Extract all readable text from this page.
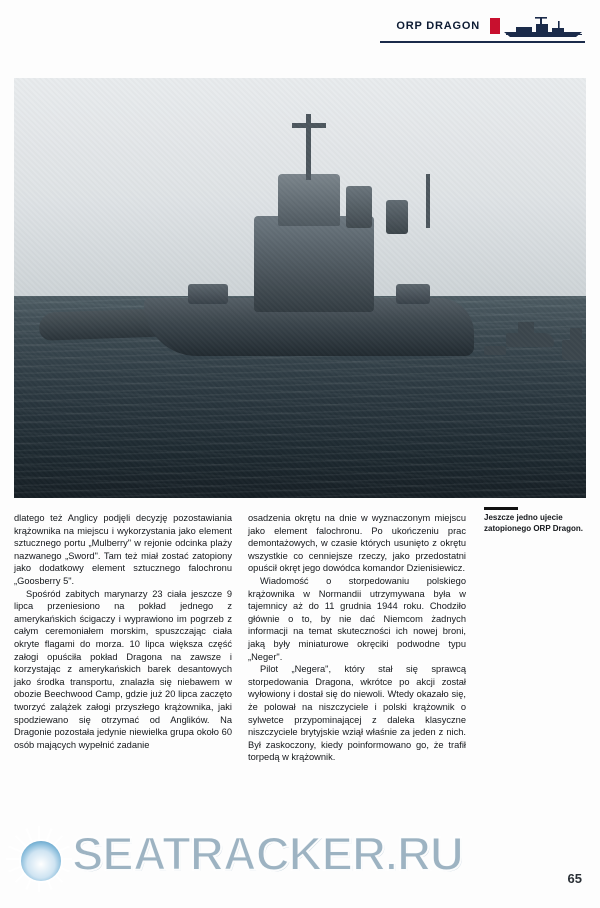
ORP DRAGON

dlatego też Anglicy podjęli decyzję pozostawiania krążownika na miejscu i wykorzystania jako element sztucznego portu „Mulberry" w rejonie odcinka plaży nazwanego „Sword". Tam też miał zostać zatopiony jako dodatkowy element sztucznego falochronu „Goosberry 5".

Spośród zabitych marynarzy 23 ciała jeszcze 9 lipca przeniesiono na pokład jednego z amerykańskich ścigaczy i wyprawiono im pogrzeb z całym ceremoniałem morskim, spuszczając ciała okryte flagami do morza. 10 lipca większa część załogi opuściła pokład Dragona na zawsze i korzystając z amerykańskich barek desantowych jako środka transportu, znalazła się niebawem w obozie Beechwood Camp, gdzie już 20 lipca zaczęto tworzyć zalążek załogi przyszłego krążownika, jaki spodziewano się otrzymać od Anglików. Na Dragonie pozostała jedynie niewielka grupa około 60 osób mających wypełnić zadanie

osadzenia okrętu na dnie w wyznaczonym miejscu jako element falochronu. Po ukończeniu prac demontażowych, w czasie których usunięto z okrętu wszystkie co cenniejsze rzeczy, jako przedostatni opuścił okręt jego dowódca komandor Dzienisiewicz.

Wiadomość o storpedowaniu polskiego krążownika w Normandii utrzymywana była w tajemnicy aż do 11 grudnia 1944 roku. Chodziło głównie o to, by nie dać Niemcom żadnych informacji na temat skuteczności ich nowej broni, jaką były miniaturowe okręciki podwodne typu „Neger".

Pilot „Negera", który stał się sprawcą storpedowania Dragona, wkrótce po akcji został wyłowiony i dostał się do niewoli. Wtedy okazało się, że polował na niszczyciele i polski krążownik o sylwetce przypominającej z daleka klasyczne niszczyciele brytyjskie wziął właśnie za jeden z nich. Był zaskoczony, kiedy poinformowano go, że trafił torpedą w krążownik.

Jeszcze jedno ujecie zatopionego ORP Dragon.
65
SEATRACKER.RU
